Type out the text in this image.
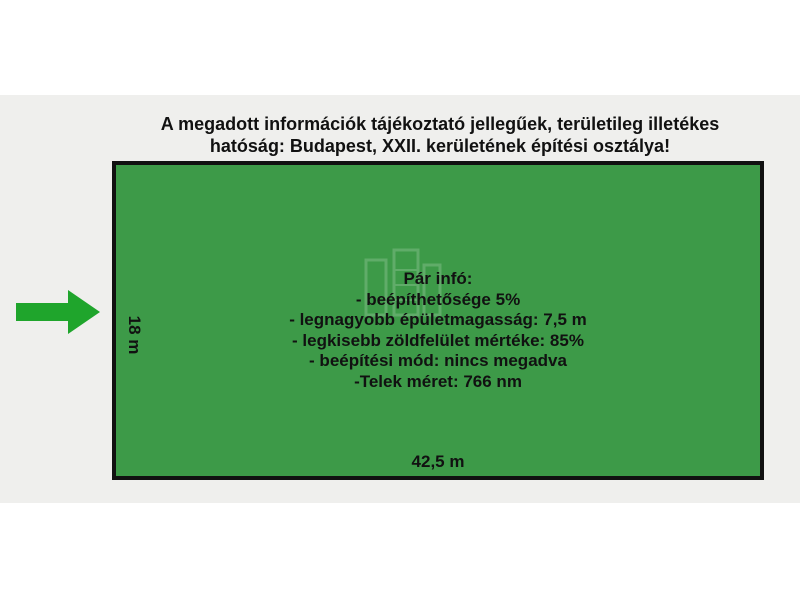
A megadott információk tájékoztató jellegűek, területileg illetékes
hatóság: Budapest, XXII. kerületének építési osztálya!
Pár infó:
- beépíthetősége 5%
- legnagyobb épületmagasság: 7,5 m
- legkisebb zöldfelület mértéke: 85%
- beépítési mód: nincs megadva
-Telek méret: 766 nm
18 m
42,5 m
